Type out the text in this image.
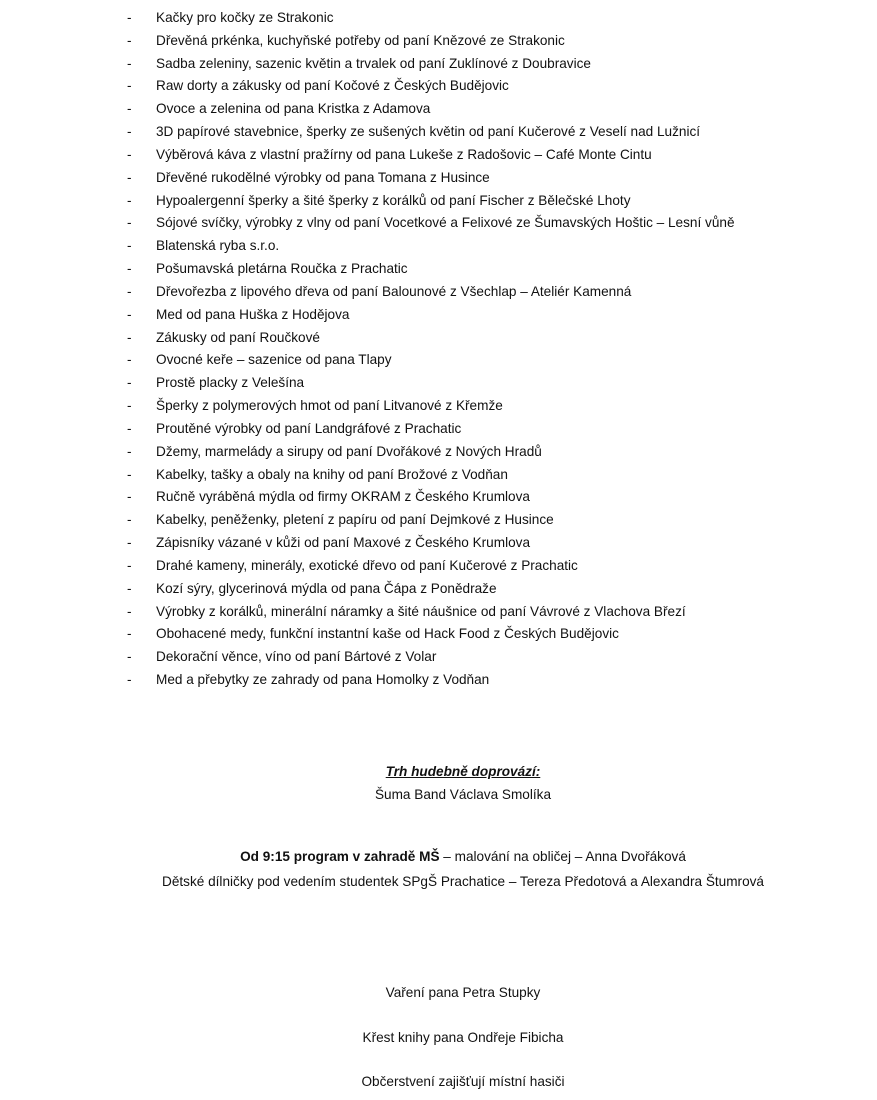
- Kačky pro kočky ze Strakonic
- Dřevěná prkénka, kuchyňské potřeby od paní Knězové ze Strakonic
- Sadba zeleniny, sazenic květin a trvalek od paní Zuklínové z Doubravice
- Raw dorty a zákusky od paní Kočové z Českých Budějovic
- Ovoce a zelenina od pana Kristka z Adamova
- 3D papírové stavebnice, šperky ze sušených květin od paní Kučerové z Veselí nad Lužnicí
- Výběrová káva z vlastní pražírny od pana Lukeše z Radošovic – Café Monte Cintu
- Dřevěné rukodělné výrobky od pana Tomana z Husince
- Hypoalergenní šperky a šité šperky z korálků od paní Fischer z Bělečské Lhoty
- Sójové svíčky, výrobky z vlny od paní Vocetkové a Felixové ze Šumavských Hoštic – Lesní vůně
- Blatenská ryba s.r.o.
- Pošumavská pletárna Roučka z Prachatic
- Dřevořezba z lipového dřeva od paní Balounové z Všechlap – Ateliér Kamenná
- Med od pana Huška z Hodějova
- Zákusky od paní Roučkové
- Ovocné keře – sazenice od pana Tlapy
- Prostě placky z Velešína
- Šperky z polymerových hmot od paní Litvanové z Křemže
- Proutěné výrobky od paní Landgráfové z Prachatic
- Džemy, marmelády a sirupy od paní Dvořákové z Nových Hradů
- Kabelky, tašky a obaly na knihy od paní Brožové z Vodňan
- Ručně vyráběná mýdla od firmy OKRAM z Českého Krumlova
- Kabelky, peněženky, pletení z papíru od paní Dejmkové z Husince
- Zápisníky vázané v kůži od paní Maxové z Českého Krumlova
- Drahé kameny, minerály, exotické dřevo od paní Kučerové z Prachatic
- Kozí sýry, glycerinová mýdla od pana Čápa z Ponědraže
- Výrobky z korálků, minerální náramky a šité náušnice od paní Vávrové z Vlachova Březí
- Obohacené medy, funkční instantní kaše od Hack Food z Českých Budějovic
- Dekorační věnce, víno od paní Bártové z Volar
- Med a přebytky ze zahrady od pana Homolky z Vodňan
Trh hudebně doprovází:
Šuma Band Václava Smolíka
Od 9:15 program v zahradě MŠ – malování na obličej – Anna Dvořáková
Dětské dílničky pod vedením studentek SPgŠ Prachatice – Tereza Předotová a Alexandra Štumrová
Vaření pana Petra Stupky
Křest knihy pana Ondřeje Fibicha
Občerstvení zajišťují místní hasiči
